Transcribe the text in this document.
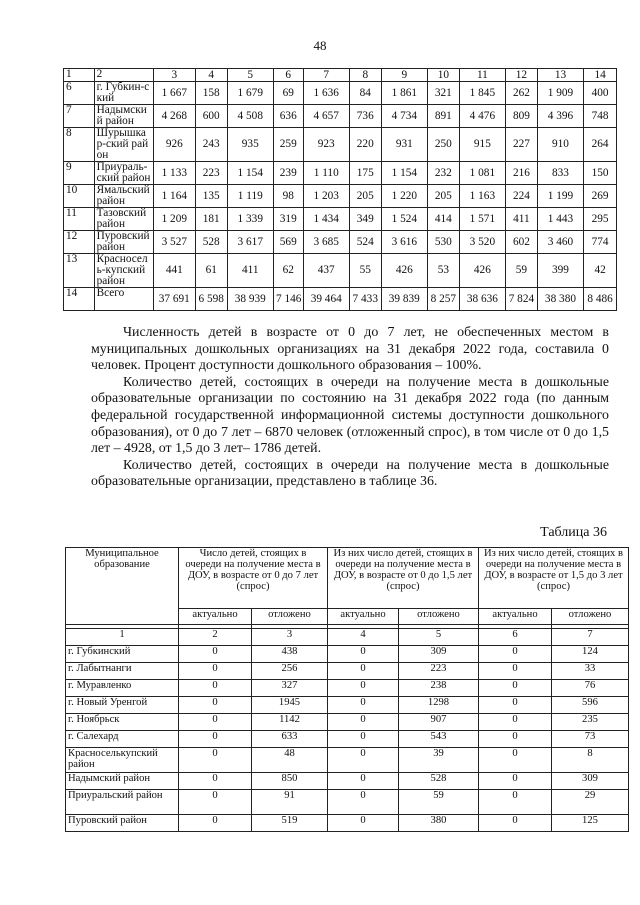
48
1	2	3	4	5	6	7	8	9	10	11	12	13	14
6	г. Губкин-ский	1 667	158	1 679	69	1 636	84	1 861	321	1 845	262	1 909	400
7	Надымский район	4 268	600	4 508	636	4 657	736	4 734	891	4 476	809	4 396	748
8	Шурышкар-ский район	926	243	935	259	923	220	931	250	915	227	910	264
9	Приураль-ский район	1 133	223	1 154	239	1 110	175	1 154	232	1 081	216	833	150
10	Ямальский район	1 164	135	1 119	98	1 203	205	1 220	205	1 163	224	1 199	269
11	Тазовский район	1 209	181	1 339	319	1 434	349	1 524	414	1 571	411	1 443	295
12	Пуровский район	3 527	528	3 617	569	3 685	524	3 616	530	3 520	602	3 460	774
13	Красносель-купский район	441	61	411	62	437	55	426	53	426	59	399	42
14	Всего	37 691	6 598	38 939	7 146	39 464	7 433	39 839	8 257	38 636	7 824	38 380	8 486

Численность детей в возрасте от 0 до 7 лет, не обеспеченных местом в муниципальных дошкольных организациях на 31 декабря 2022 года, составила 0 человек. Процент доступности дошкольного образования – 100%.

Количество детей, состоящих в очереди на получение места в дошкольные образовательные организации по состоянию на 31 декабря 2022 года (по данным федеральной государственной информационной системы доступности дошкольного образования), от 0 до 7 лет – 6870 человек (отложенный спрос), в том числе от 0 до 1,5 лет – 4928, от 1,5 до 3 лет– 1786 детей.

Количество детей, состоящих в очереди на получение места в дошкольные образовательные организации, представлено в таблице 36.

Таблица 36
Муниципальное образование	Число детей, стоящих в очереди на получение места в ДОУ, в возрасте от 0 до 7 лет (спрос)		Из них число детей, стоящих в очереди на получение места в ДОУ, в возрасте от 0 до 1,5 лет (спрос)		Из них число детей, стоящих в очереди на получение места в ДОУ, в возрасте от 1,5 до 3 лет (спрос)	
	актуально	отложено	актуально	отложено	актуально	отложено

1	2	3	4	5	6	7
г. Губкинский	0	438	0	309	0	124
г. Лабытнанги	0	256	0	223	0	33
г. Муравленко	0	327	0	238	0	76
г. Новый Уренгой	0	1945	0	1298	0	596
г. Ноябрьск	0	1142	0	907	0	235
г. Салехард	0	633	0	543	0	73
Красноселькупский район	0	48	0	39	0	8
Надымский район	0	850	0	528	0	309
Приуральский район	0	91	0	59	0	29
Пуровский район	0	519	0	380	0	125
